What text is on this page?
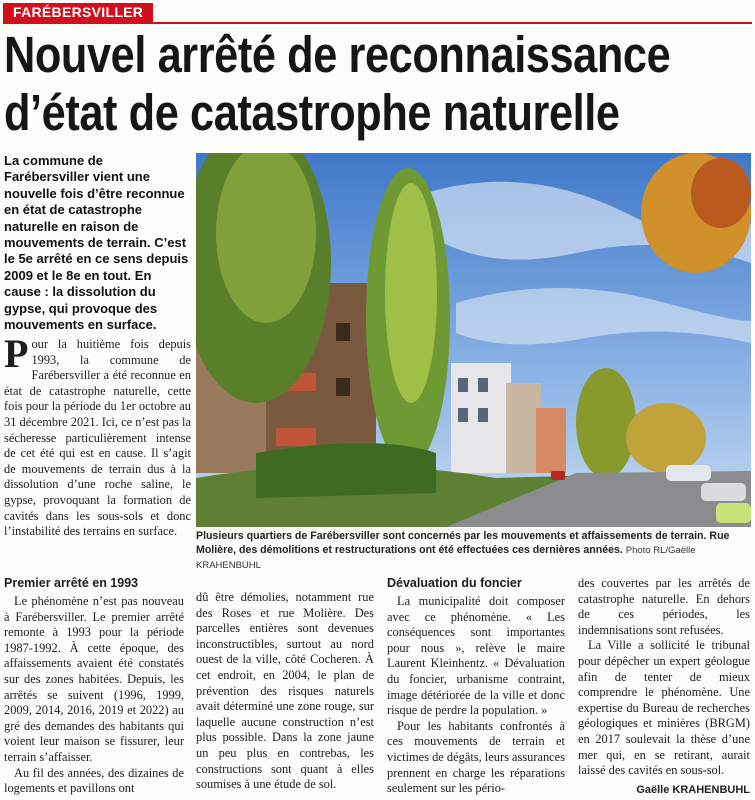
FARÉBERSVILLER
Nouvel arrêté de reconnaissance
d’état de catastrophe naturelle

La commune de Farébersviller vient une nouvelle fois d’être reconnue en état de catastrophe naturelle en raison de mouvements de terrain. C’est le 5e arrêté en ce sens depuis 2009 et le 8e en tout. En cause : la dissolution du gypse, qui provoque des mouvements en surface.

Pour la huitième fois depuis 1993, la commune de Farébersviller a été reconnue en état de catastrophe naturelle, cette fois pour la période du 1er octobre au 31 décembre 2021. Ici, ce n’est pas la sécheresse particulièrement intense de cet été qui est en cause. Il s’agit de mouvements de terrain dus à la dissolution d’une roche saline, le gypse, provoquant la formation de cavités dans les sous-sols et donc l’instabilité des terrains en surface.	Plusieurs quartiers de Farébersviller sont concernés par les mouvements et affaissements de terrain. Rue Molière, des démolitions et restructurations ont été effectuées ces dernières années. Photo RL/Gaëlle KRAHENBUHL
Premier arrêté en 1993

Le phénomène n’est pas nouveau à Farébersviller. Le premier arrêté remonte à 1993 pour la période 1987-1992. À cette époque, des affaissements avaient été constatés sur des zones habitées. Depuis, les arrêtés se suivent (1996, 1999, 2009, 2014, 2016, 2019 et 2022) au gré des demandes des habitants qui voient leur maison se fissurer, leur terrain s’affaisser.

Au fil des années, des dizaines de logements et pavillons ont

dû être démolies, notamment rue des Roses et rue Molière. Des parcelles entières sont devenues inconstructibles, surtout au nord ouest de la ville, côté Cocheren. À cet endroit, en 2004, le plan de prévention des risques naturels avait déterminé une zone rouge, sur laquelle aucune construction n’est plus possible. Dans la zone jaune un peu plus en contrebas, les constructions sont quant à elles soumises à une étude de sol.

Dévaluation du foncier

La municipalité doit composer avec ce phénomène. « Les conséquences sont importantes pour nous », relève le maire Laurent Kleinhentz. « Dévaluation du foncier, urbanisme contraint, image détériorée de la ville et donc risque de perdre la population. »

Pour les habitants confrontés à ces mouvements de terrain et victimes de dégâts, leurs assurances prennent en charge les réparations seulement sur les pério-

des couvertes par les arrêtés de catastrophe naturelle. En dehors de ces périodes, les indemnisations sont refusées.

La Ville a sollicité le tribunal pour dépêcher un expert géologue afin de tenter de mieux comprendre le phénomène. Une expertise du Bureau de recherches géologiques et minières (BRGM) en 2017 soulevait la thèse d’une mer qui, en se retirant, aurait laissé des cavités en sous-sol.

Gaëlle KRAHENBUHL
